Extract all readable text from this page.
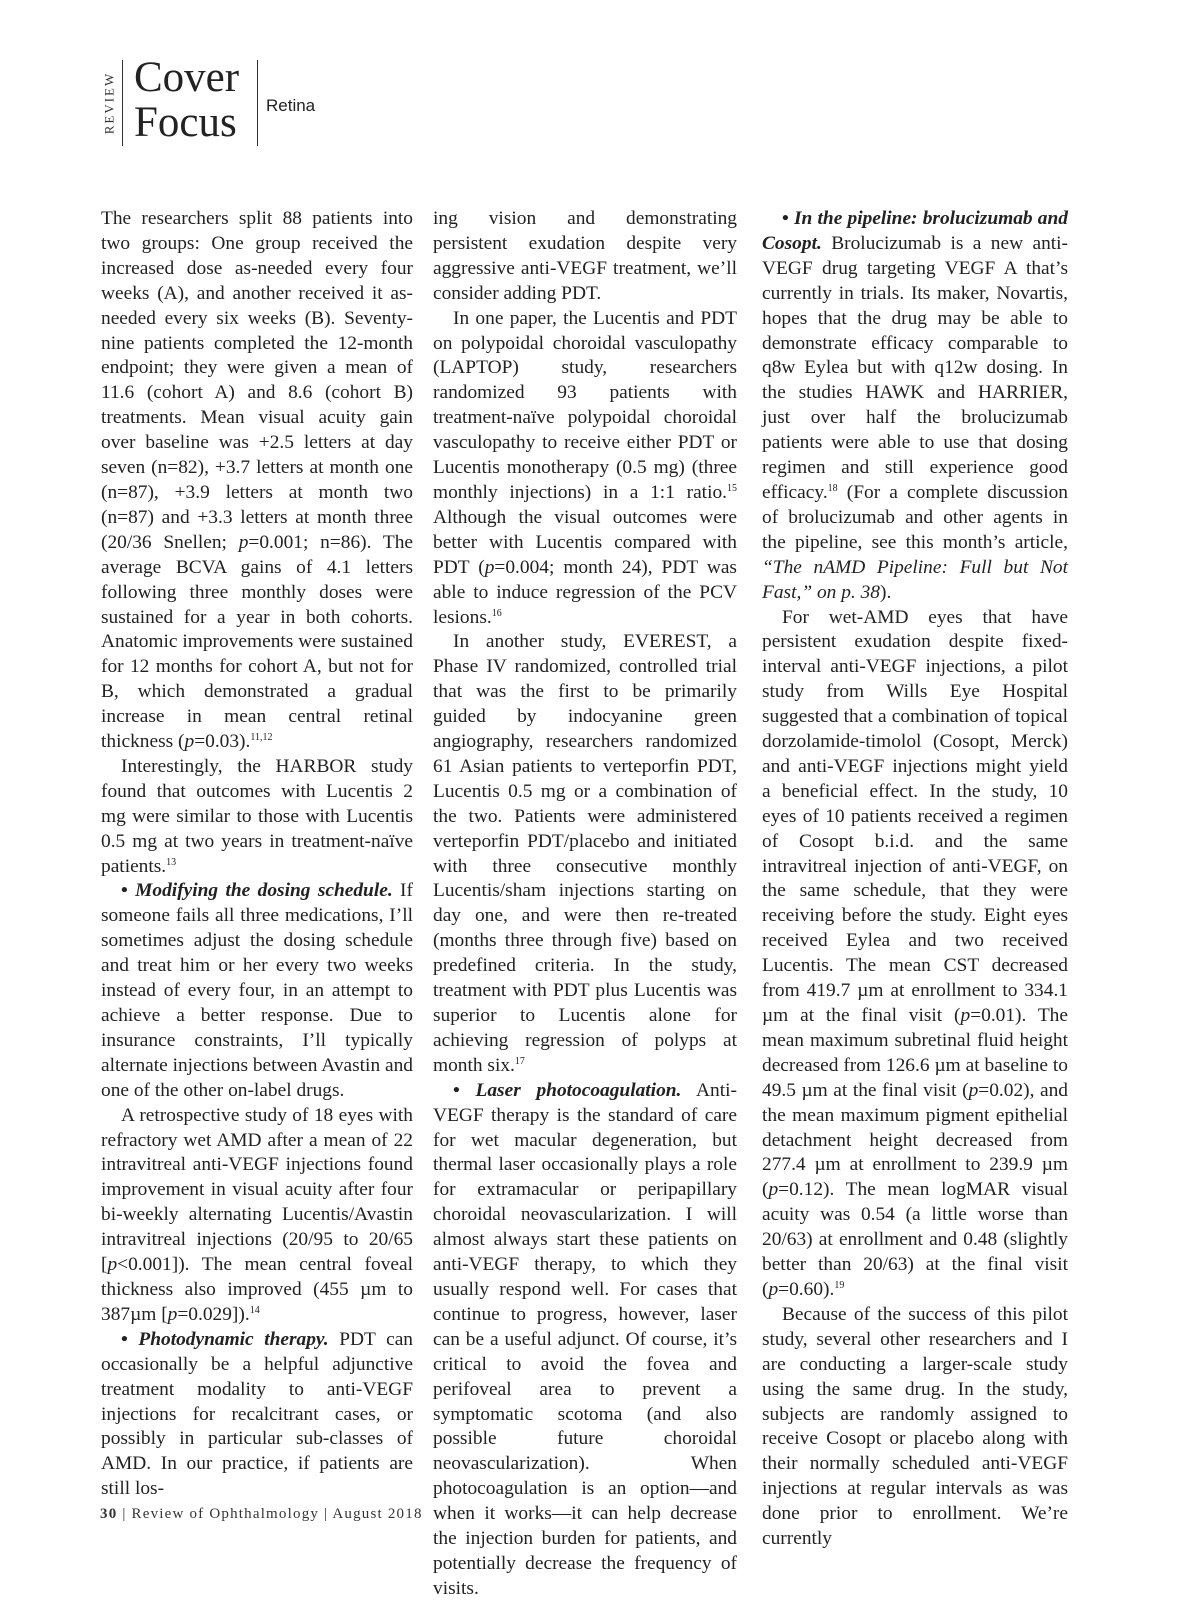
REVIEW Cover
Focus Retina

The researchers split 88 patients into two groups: One group received the increased dose as-needed every four weeks (A), and another received it as-needed every six weeks (B). Seventy-nine patients completed the 12-month endpoint; they were given a mean of 11.6 (cohort A) and 8.6 (cohort B) treatments. Mean visual acuity gain over baseline was +2.5 letters at day seven (n=82), +3.7 letters at month one (n=87), +3.9 letters at month two (n=87) and +3.3 letters at month three (20/36 Snellen; p=0.001; n=86). The average BCVA gains of 4.1 letters following three monthly doses were sustained for a year in both cohorts. Anatomic improvements were sustained for 12 months for cohort A, but not for B, which demonstrated a gradual increase in mean central retinal thickness (p=0.03).$^{11,12}$

Interestingly, the HARBOR study found that outcomes with Lucentis 2 mg were similar to those with Lucentis 0.5 mg at two years in treatment-naïve patients.$^{13}$

• Modifying the dosing schedule. If someone fails all three medications, I’ll sometimes adjust the dosing schedule and treat him or her every two weeks instead of every four, in an attempt to achieve a better response. Due to insurance constraints, I’ll typically alternate injections between Avastin and one of the other on-label drugs.

A retrospective study of 18 eyes with refractory wet AMD after a mean of 22 intravitreal anti-VEGF injections found improvement in visual acuity after four bi-weekly alternating Lucentis/Avastin intravitreal injections (20/95 to 20/65 [p<0.001]). The mean central foveal thickness also improved (455 µm to 387µm [p=0.029]).$^{14}$

• Photodynamic therapy. PDT can occasionally be a helpful adjunctive treatment modality to anti-VEGF injections for recalcitrant cases, or possibly in particular sub-classes of AMD. In our practice, if patients are still los-

ing vision and demonstrating persistent exudation despite very aggressive anti-VEGF treatment, we’ll consider adding PDT.

In one paper, the Lucentis and PDT on polypoidal choroidal vasculopathy (LAPTOP) study, researchers randomized 93 patients with treatment-naïve polypoidal choroidal vasculopathy to receive either PDT or Lucentis monotherapy (0.5 mg) (three monthly injections) in a 1:1 ratio.$^{15}$ Although the visual outcomes were better with Lucentis compared with PDT (p=0.004; month 24), PDT was able to induce regression of the PCV lesions.$^{16}$

In another study, EVEREST, a Phase IV randomized, controlled trial that was the first to be primarily guided by indocyanine green angiography, researchers randomized 61 Asian patients to verteporfin PDT, Lucentis 0.5 mg or a combination of the two. Patients were administered verteporfin PDT/placebo and initiated with three consecutive monthly Lucentis/sham injections starting on day one, and were then re-treated (months three through five) based on predefined criteria. In the study, treatment with PDT plus Lucentis was superior to Lucentis alone for achieving regression of polyps at month six.$^{17}$

• Laser photocoagulation. Anti-VEGF therapy is the standard of care for wet macular degeneration, but thermal laser occasionally plays a role for extramacular or peripapillary choroidal neovascularization. I will almost always start these patients on anti-VEGF therapy, to which they usually respond well. For cases that continue to progress, however, laser can be a useful adjunct. Of course, it’s critical to avoid the fovea and perifoveal area to prevent a symptomatic scotoma (and also possible future choroidal neovascularization). When photocoagulation is an option—and when it works—it can help decrease the injection burden for patients, and potentially decrease the frequency of visits.

• In the pipeline: brolucizumab and Cosopt. Brolucizumab is a new anti-VEGF drug targeting VEGF A that’s currently in trials. Its maker, Novartis, hopes that the drug may be able to demonstrate efficacy comparable to q8w Eylea but with q12w dosing. In the studies HAWK and HARRIER, just over half the brolucizumab patients were able to use that dosing regimen and still experience good efficacy.$^{18}$ (For a complete discussion of brolucizumab and other agents in the pipeline, see this month’s article, “The nAMD Pipeline: Full but Not Fast,” on p. 38).

For wet-AMD eyes that have persistent exudation despite fixed-interval anti-VEGF injections, a pilot study from Wills Eye Hospital suggested that a combination of topical dorzolamide-timolol (Cosopt, Merck) and anti-VEGF injections might yield a beneficial effect. In the study, 10 eyes of 10 patients received a regimen of Cosopt b.i.d. and the same intravitreal injection of anti-VEGF, on the same schedule, that they were receiving before the study. Eight eyes received Eylea and two received Lucentis. The mean CST decreased from 419.7 µm at enrollment to 334.1 µm at the final visit (p=0.01). The mean maximum subretinal fluid height decreased from 126.6 µm at baseline to 49.5 µm at the final visit (p=0.02), and the mean maximum pigment epithelial detachment height decreased from 277.4 µm at enrollment to 239.9 µm (p=0.12). The mean logMAR visual acuity was 0.54 (a little worse than 20/63) at enrollment and 0.48 (slightly better than 20/63) at the final visit (p=0.60).$^{19}$

Because of the success of this pilot study, several other researchers and I are conducting a larger-scale study using the same drug. In the study, subjects are randomly assigned to receive Cosopt or placebo along with their normally scheduled anti-VEGF injections at regular intervals as was done prior to enrollment. We’re currently

30 | Review of Ophthalmology | August 2018
